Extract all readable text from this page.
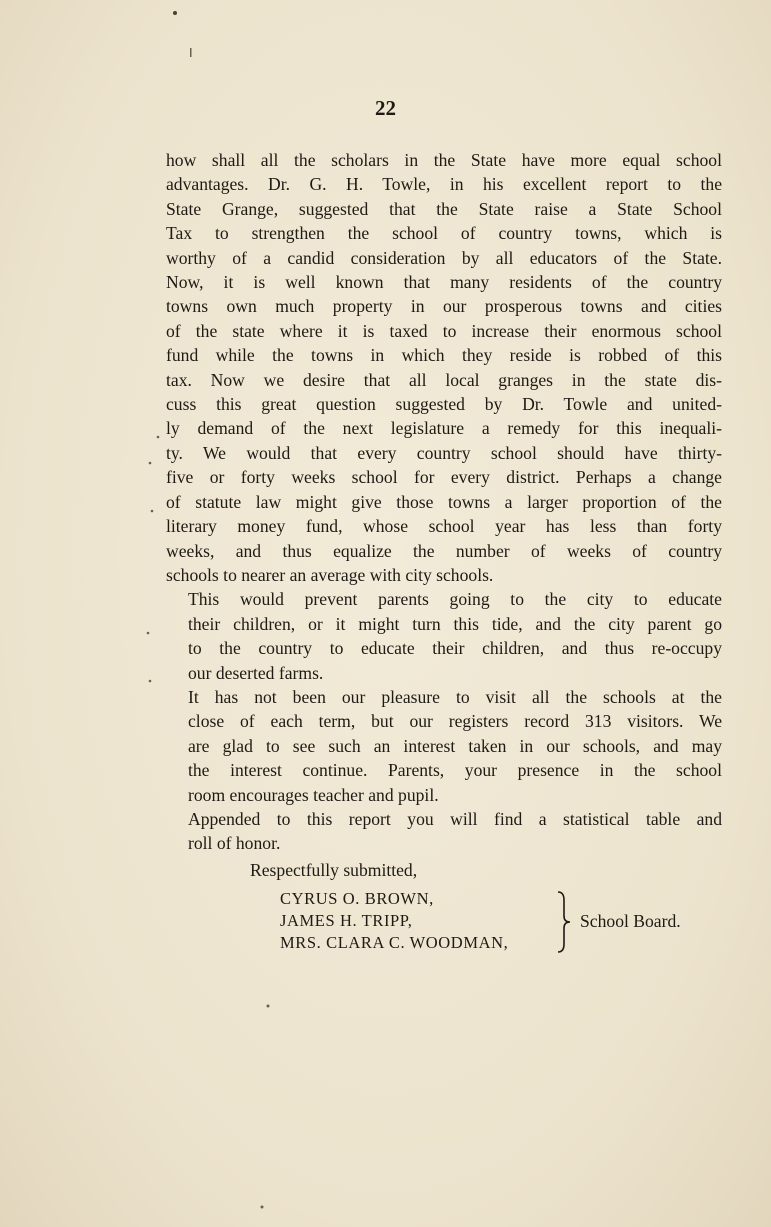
22

how shall all the scholars in the State have more equal school
advantages. Dr. G. H. Towle, in his excellent report to the
State Grange, suggested that the State raise a State School
Tax to strengthen the school of country towns, which is
worthy of a candid consideration by all educators of the State.
Now, it is well known that many residents of the country
towns own much property in our prosperous towns and cities
of the state where it is taxed to increase their enormous school
fund while the towns in which they reside is robbed of this
tax. Now we desire that all local granges in the state dis-
cuss this great question suggested by Dr. Towle and united-
ly demand of the next legislature a remedy for this inequali-
ty. We would that every country school should have thirty-
five or forty weeks school for every district. Perhaps a change
of statute law might give those towns a larger proportion of the
literary money fund, whose school year has less than forty
weeks, and thus equalize the number of weeks of country
schools to nearer an average with city schools.

This would prevent parents going to the city to educate
their children, or it might turn this tide, and the city parent go
to the country to educate their children, and thus re-occupy
our deserted farms.

It has not been our pleasure to visit all the schools at the
close of each term, but our registers record 313 visitors. We
are glad to see such an interest taken in our schools, and may
the interest continue. Parents, your presence in the school
room encourages teacher and pupil.

Appended to this report you will find a statistical table and
roll of honor.

Respectfully submitted,
CYRUS O. BROWN,
JAMES H. TRIPP,
MRS. CLARA C. WOODMAN,
School Board.
